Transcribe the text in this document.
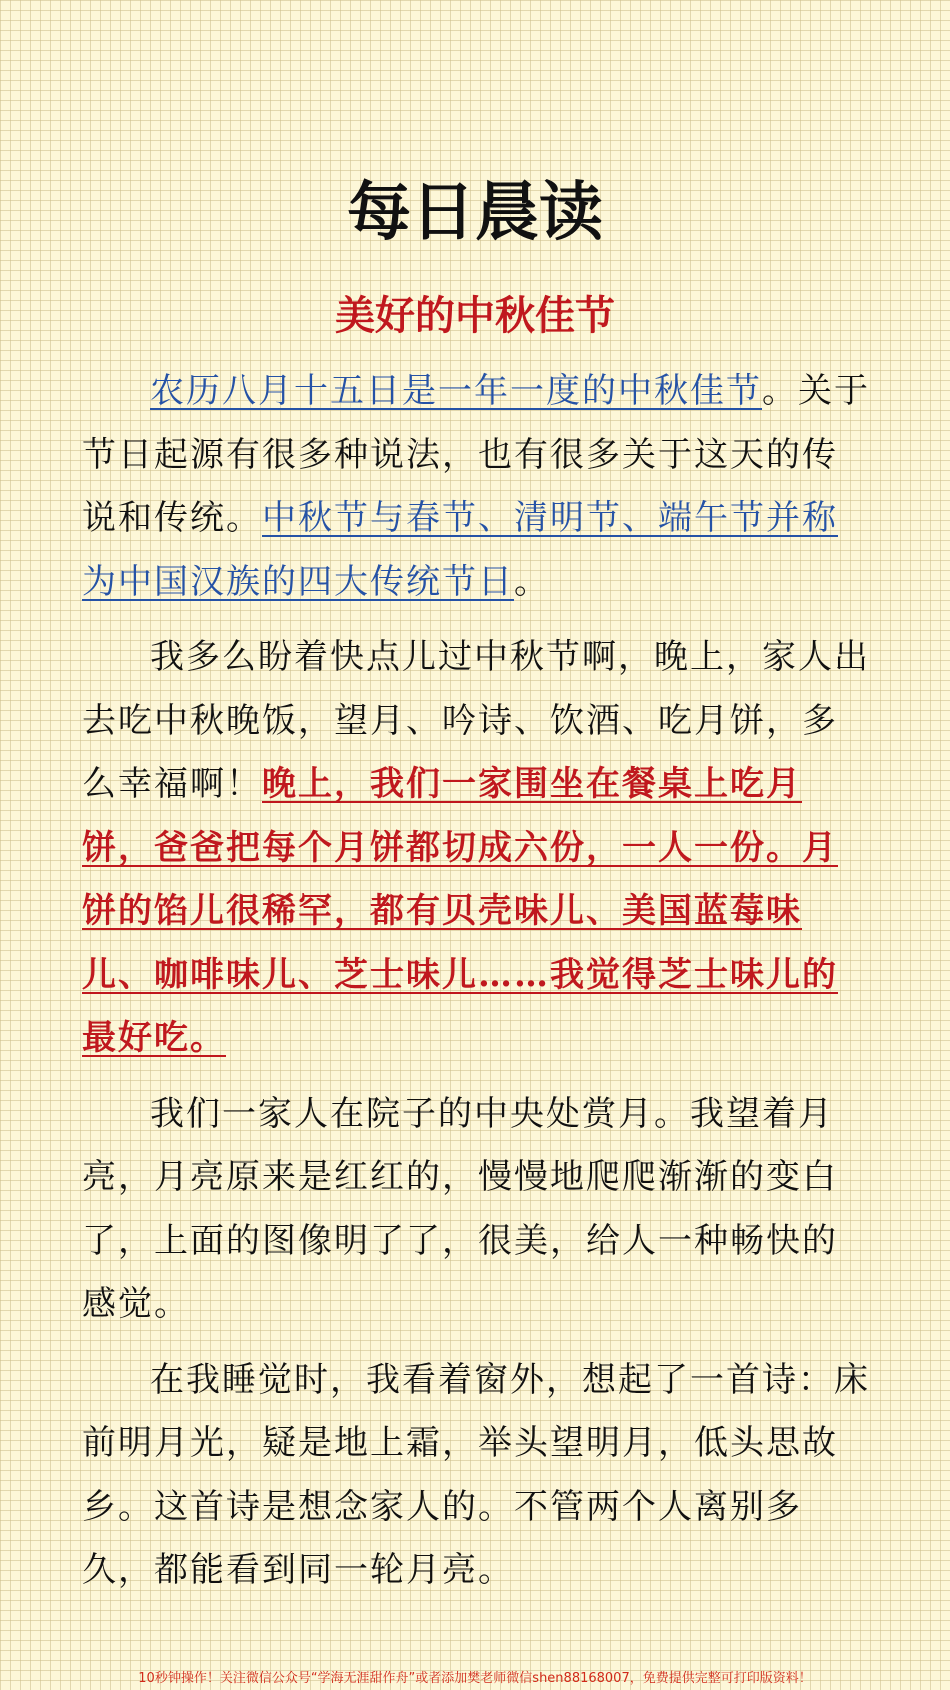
每日晨读
美好的中秋佳节

农历八月十五日是一年一度的中秋佳节。关于节日起源有很多种说法，也有很多关于这天的传说和传统。中秋节与春节、清明节、端午节并称为中国汉族的四大传统节日。

我多么盼着快点儿过中秋节啊，晚上，家人出去吃中秋晚饭，望月、吟诗、饮酒、吃月饼，多么幸福啊！晚上，我们一家围坐在餐桌上吃月饼，爸爸把每个月饼都切成六份，一人一份。月饼的馅儿很稀罕，都有贝壳味儿、美国蓝莓味儿、咖啡味儿、芝士味儿……我觉得芝士味儿的最好吃。

我们一家人在院子的中央处赏月。我望着月亮，月亮原来是红红的，慢慢地爬爬渐渐的变白了，上面的图像明了了，很美，给人一种畅快的感觉。

在我睡觉时，我看着窗外，想起了一首诗：床前明月光，疑是地上霜，举头望明月，低头思故乡。这首诗是想念家人的。不管两个人离别多久，都能看到同一轮月亮。

10秒钟操作！关注微信公众号“学海无涯甜作舟”或者添加樊老师微信shen88168007，免费提供完整可打印版资料！
